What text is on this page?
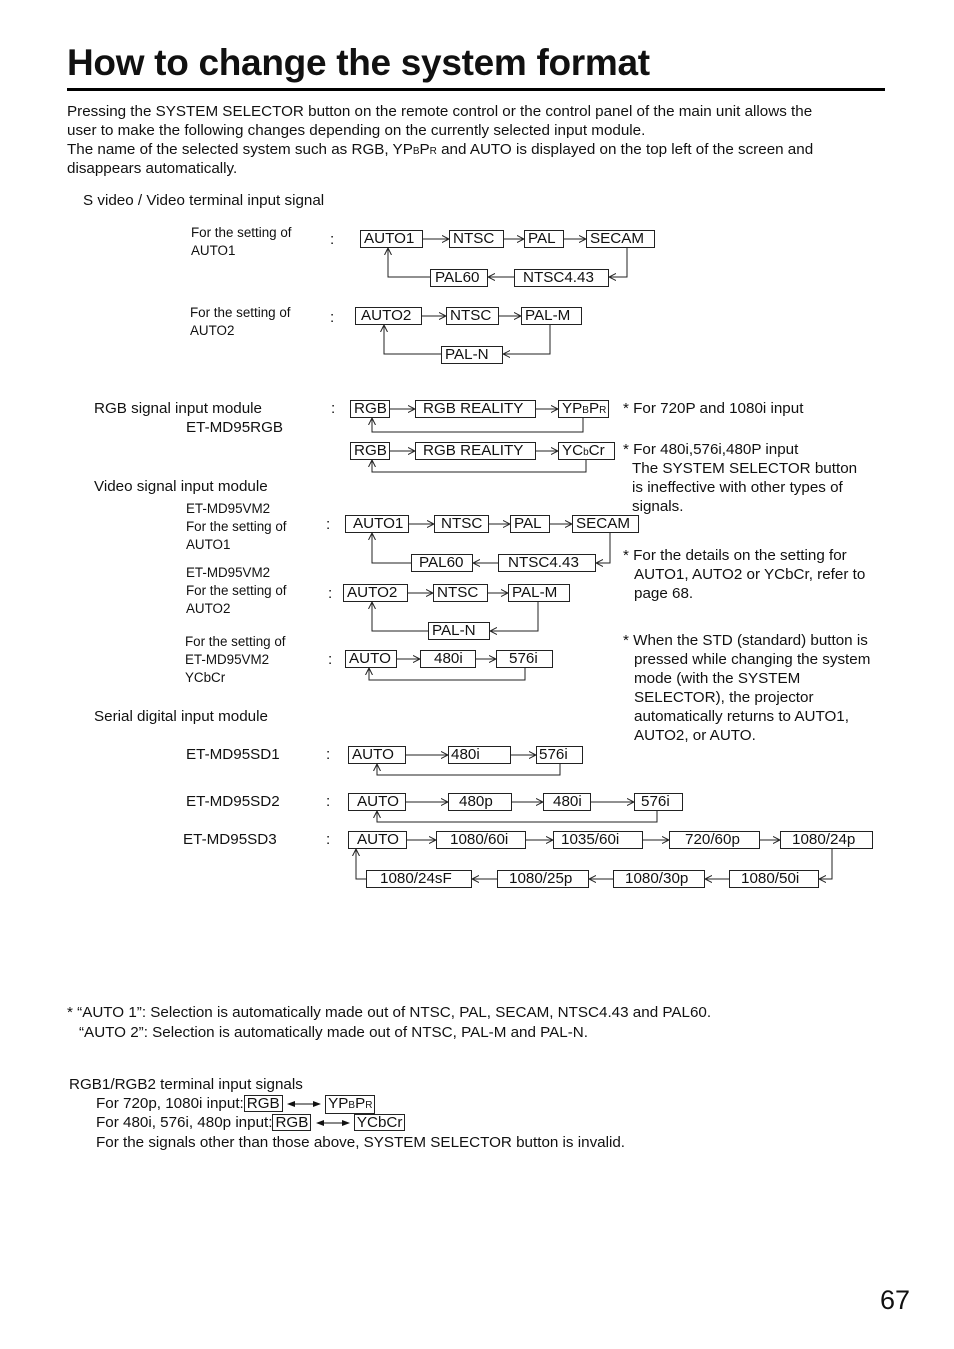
How to change the system format
Pressing the SYSTEM SELECTOR button on the remote control or the control panel of the main unit allows the
user to make the following changes depending on the currently selected input module.
The name of the selected system such as RGB, YPBPR and AUTO is displayed on the top left of the screen and
disappears automatically.
S video / Video terminal input signal
For the setting of
AUTO1
: AUTO1	NTSC	PAL	SECAM
PAL60	NTSC4.43
For the setting of
AUTO2
:	AUTO2	NTSC	PAL-M
PAL-N
RGB signal input module
ET-MD95RGB
: RGB	RGB REALITY	YPBPR
RGB	RGB REALITY	YCbCr
Video signal input module
ET-MD95VM2
For the setting of
AUTO1
:	AUTO1	NTSC	PAL	SECAM
PAL60	NTSC4.43
ET-MD95VM2
For the setting of
AUTO2
: AUTO2	NTSC	PAL-M
PAL-N
For the setting of
ET-MD95VM2
YCbCr
: AUTO	480i	576i
Serial digital input module
ET-MD95SD1	: AUTO	480i	576i
ET-MD95SD2	:	AUTO	480p	480i	576i
ET-MD95SD3	:	AUTO	1080/60i	1035/60i	720/60p	1080/24p
1080/50i
1080/30p
1080/25p
1080/24sF
* For 720P and 1080i input
* For 480i,576i,480P input
The SYSTEM SELECTOR button
is ineffective with other types of
signals.
* For the details on the setting for
AUTO1, AUTO2 or YCbCr, refer to
page 68.
* When the STD (standard) button is
pressed while changing the system
mode (with the SYSTEM
SELECTOR), the projector
automatically returns to AUTO1,
AUTO2, or AUTO.
* “AUTO 1”: Selection is automatically made out of NTSC, PAL, SECAM, NTSC4.43 and PAL60.
“AUTO 2”: Selection is automatically made out of NTSC, PAL-M and PAL-N.
RGB1/RGB2 terminal input signals
For 720p, 1080i input: RGB	YPBPR
For 480i, 576i, 480p input: RGB	YCbCr
For the signals other than those above, SYSTEM SELECTOR button is invalid.
67
